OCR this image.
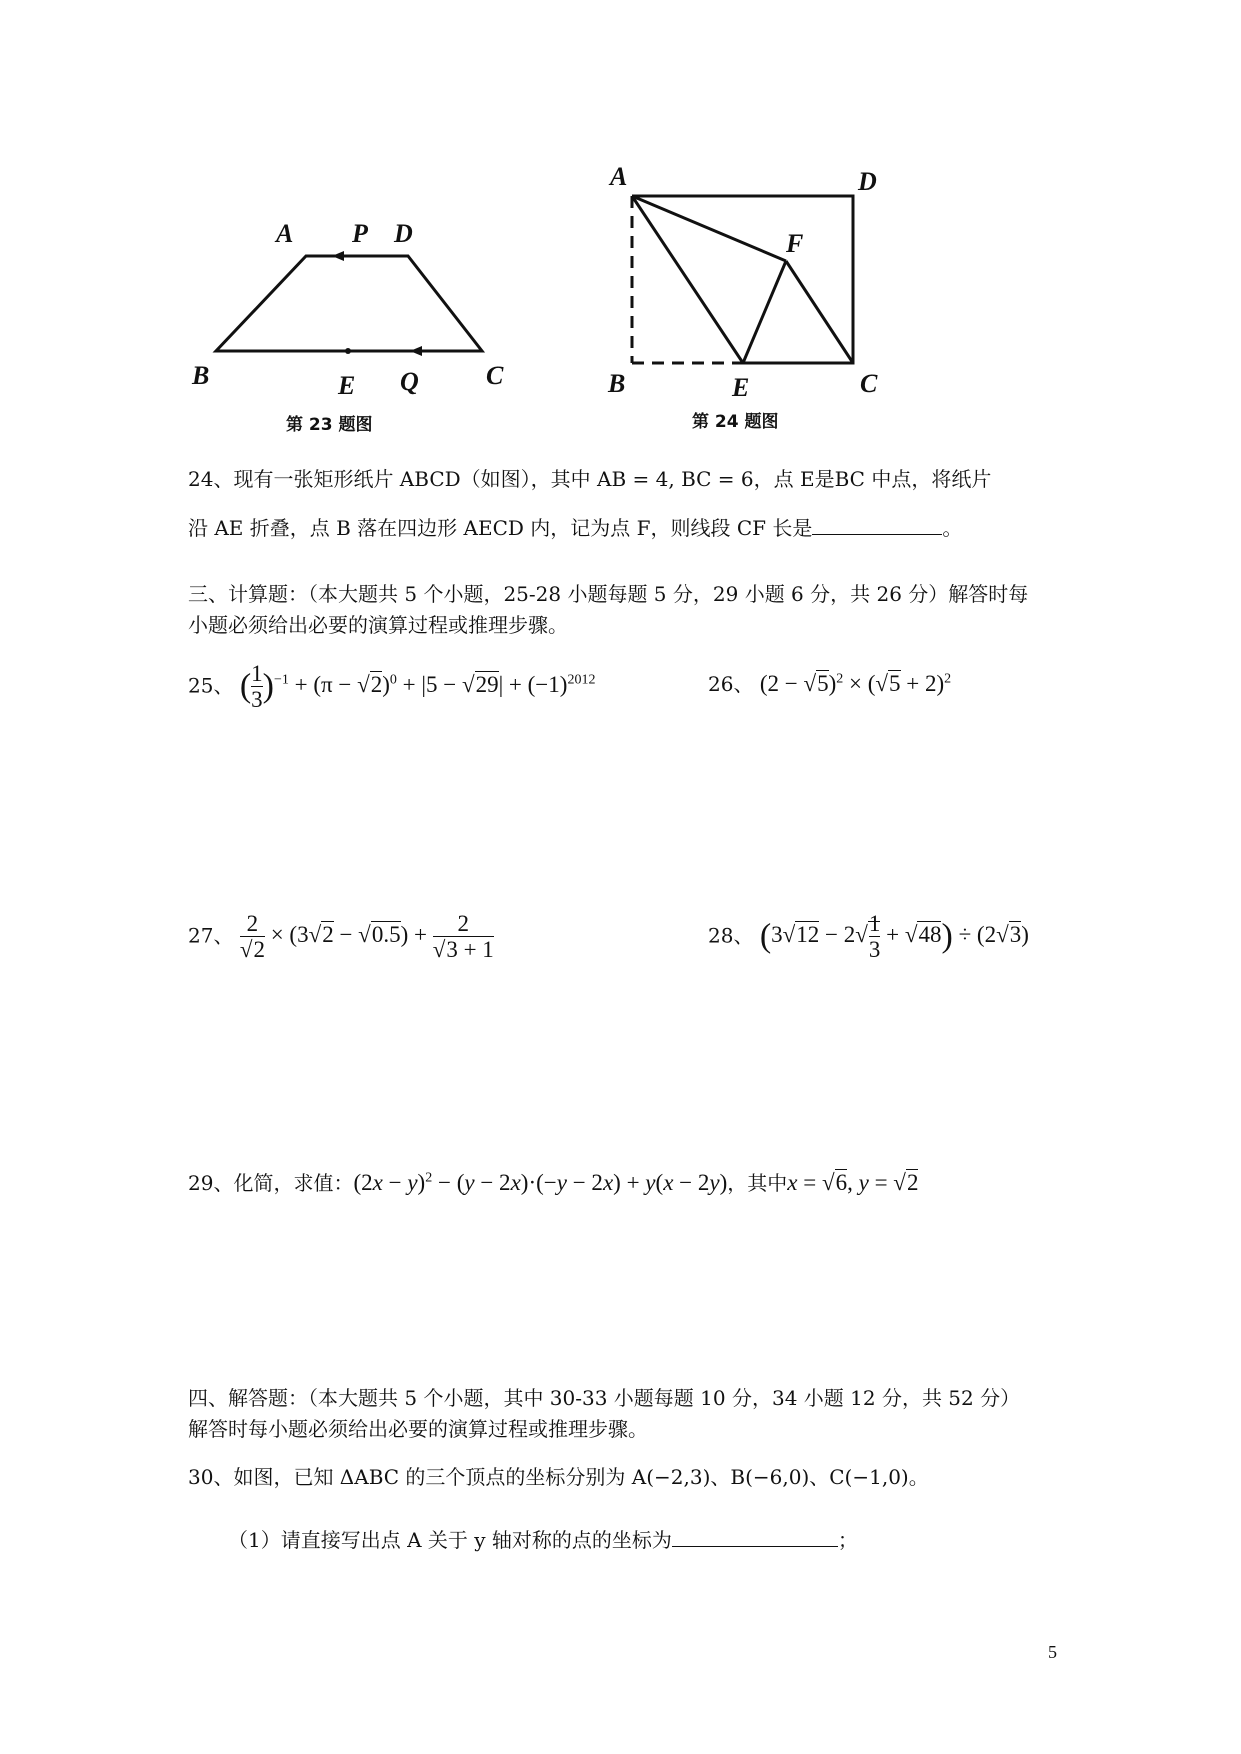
A P D
B	E Q	C
第 23 题图
A	D
F
B	E	C
第 24 题图
24、现有一张矩形纸片 ABCD（如图），其中 AB = 4, BC = 6，点 E是BC 中点，将纸片
沿 AE 折叠，点 B 落在四边形 AECD 内，记为点 F，则线段 CF 长是	。
三、计算题：（本大题共 5 个小题，25-28 小题每题 5 分，29 小题 6 分，共 26 分）解答时每
小题必须给出必要的演算过程或推理步骤。
25、 ( $\frac{1}{3} )^{-1} + (\pi - √2)^0 + |5 - √29| + (-1)^{2012}$	26、 $(2 - √5)^2 \times (√5 + 2)^2$
27、 $\frac{2}{√2} \times (3√2 - √0.5) + \frac{2}{√3 + 1}$	28、 $(3√12 - 2√ \frac{1}{3} + √48) \div (2√3)$
29、化简，求值：$(2x - y)^2 - (y - 2x)\cdot(-y - 2x) + y(x - 2y)$，其中x = √6, y = √2
四、解答题：（本大题共 5 个小题，其中 30-33 小题每题 10 分，34 小题 12 分，共 52 分）
解答时每小题必须给出必要的演算过程或推理步骤。
30、如图，已知 ΔABC 的三个顶点的坐标分别为 A(−2,3)、B(−6,0)、C(−1,0)。
（1）请直接写出点 A 关于 y 轴对称的点的坐标为	；
5
